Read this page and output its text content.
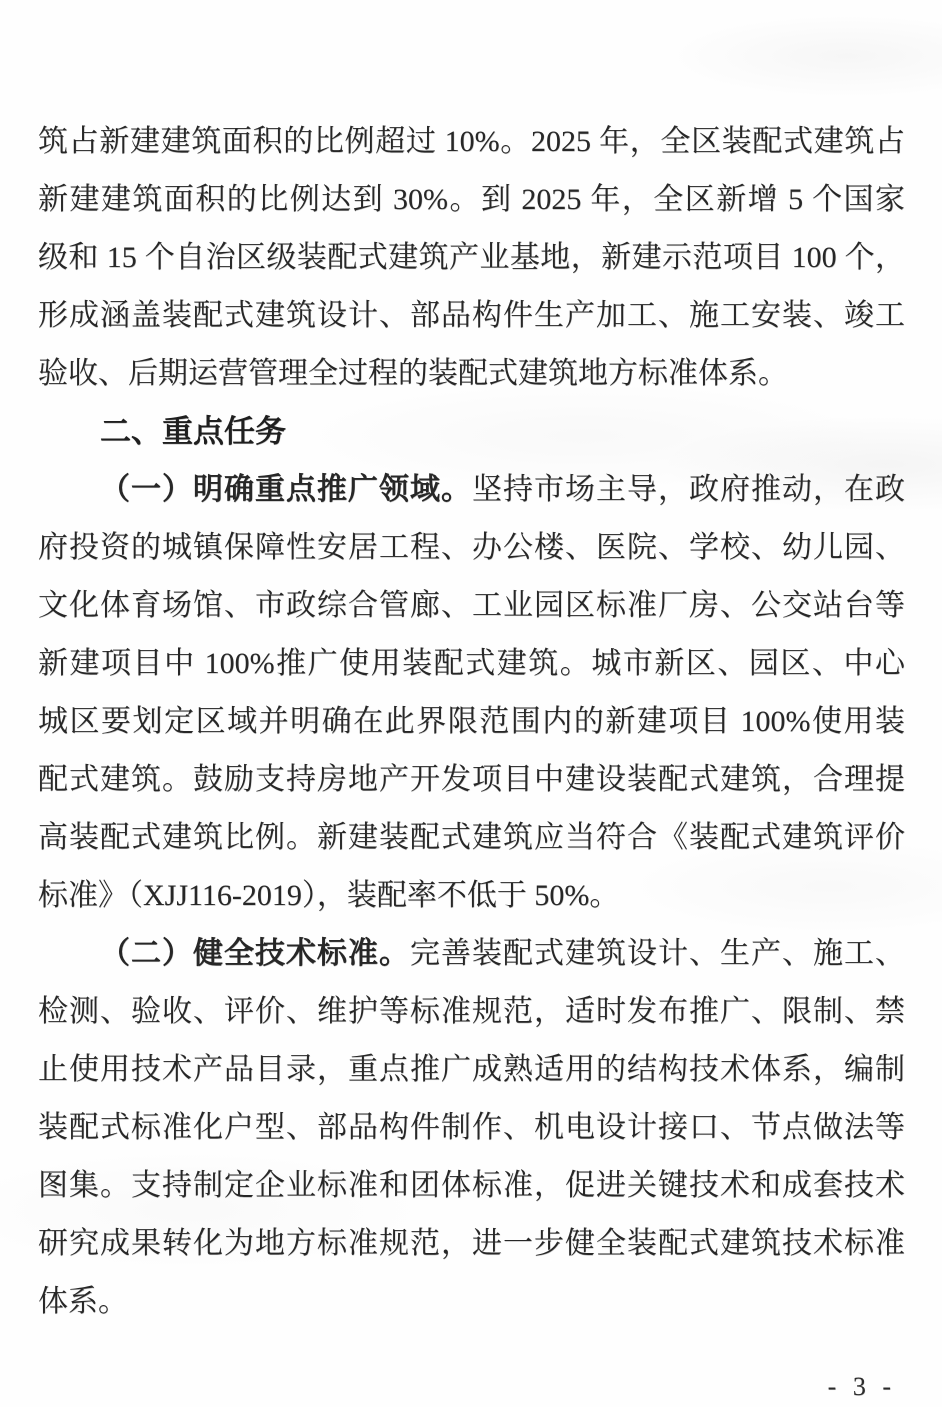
筑占新建建筑面积的比例超过 10%。2025 年，全区装配式建筑占
新建建筑面积的比例达到 30%。到 2025 年，全区新增 5 个国家
级和 15 个自治区级装配式建筑产业基地，新建示范项目 100 个，
形成涵盖装配式建筑设计、部品构件生产加工、施工安装、竣工
验收、后期运营管理全过程的装配式建筑地方标准体系。
二、重点任务
（一）明确重点推广领域。坚持市场主导，政府推动，在政
府投资的城镇保障性安居工程、办公楼、医院、学校、幼儿园、
文化体育场馆、市政综合管廊、工业园区标准厂房、公交站台等
新建项目中 100%推广使用装配式建筑。城市新区、园区、中心
城区要划定区域并明确在此界限范围内的新建项目 100%使用装
配式建筑。鼓励支持房地产开发项目中建设装配式建筑，合理提
高装配式建筑比例。新建装配式建筑应当符合《装配式建筑评价
标准》（XJJ116-2019），装配率不低于 50%。
（二）健全技术标准。完善装配式建筑设计、生产、施工、
检测、验收、评价、维护等标准规范，适时发布推广、限制、禁
止使用技术产品目录，重点推广成熟适用的结构技术体系，编制
装配式标准化户型、部品构件制作、机电设计接口、节点做法等
图集。支持制定企业标准和团体标准，促进关键技术和成套技术
研究成果转化为地方标准规范，进一步健全装配式建筑技术标准
体系。
- 3 -
